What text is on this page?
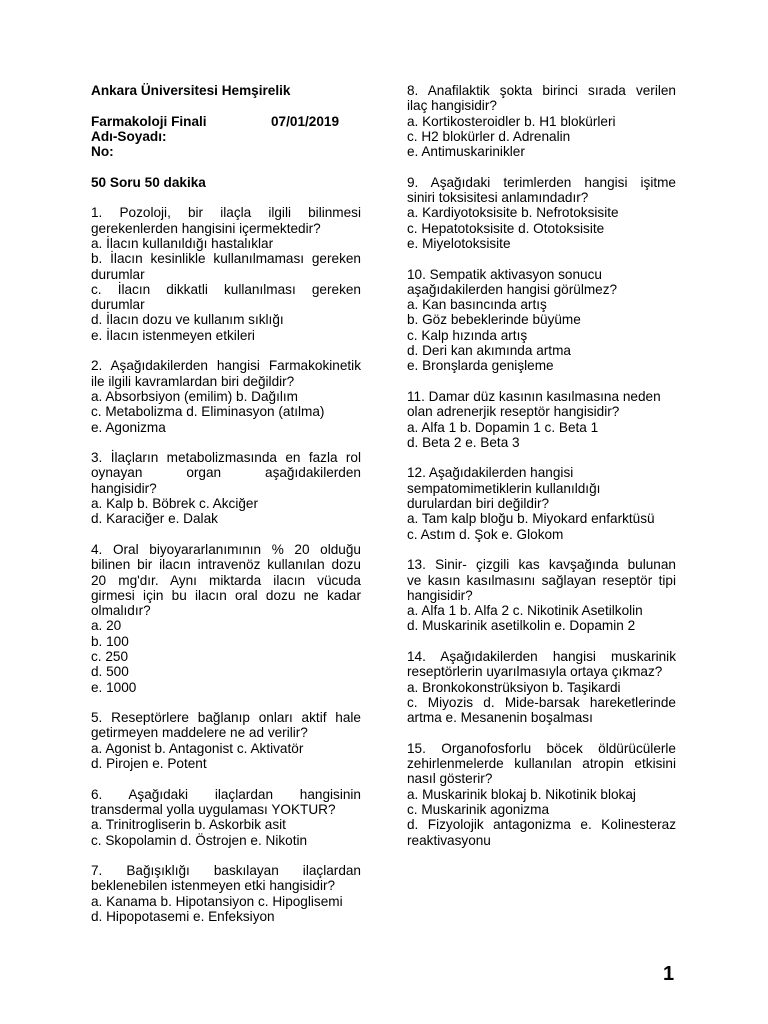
Ankara Üniversitesi Hemşirelik
Farmakoloji Finali	07/01/2019
Adı-Soyadı:
No:
50 Soru 50 dakika
1. Pozoloji, bir ilaçla ilgili bilinmesi
gerekenlerden hangisini içermektedir?
a. İlacın kullanıldığı hastalıklar
b. İlacın kesinlikle kullanılmaması gereken
durumlar
c. İlacın dikkatli kullanılması gereken
durumlar
d. İlacın dozu ve kullanım sıklığı
e. İlacın istenmeyen etkileri
2. Aşağıdakilerden hangisi Farmakokinetik
ile ilgili kavramlardan biri değildir?
a. Absorbsiyon (emilim) b. Dağılım
c. Metabolizma d. Eliminasyon (atılma)
e. Agonizma
3. İlaçların metabolizmasında en fazla rol
oynayan organ aşağıdakilerden
hangisidir?
a. Kalp b. Böbrek c. Akciğer
d. Karaciğer e. Dalak
4. Oral biyoyararlanımının % 20 olduğu
bilinen bir ilacın intravenöz kullanılan dozu
20 mg'dır. Aynı miktarda ilacın vücuda
girmesi için bu ilacın oral dozu ne kadar
olmalıdır?
a. 20
b. 100
c. 250
d. 500
e. 1000
5. Reseptörlere bağlanıp onları aktif hale
getirmeyen maddelere ne ad verilir?
a. Agonist b. Antagonist c. Aktivatör
d. Pirojen e. Potent
6. Aşağıdaki ilaçlardan hangisinin
transdermal yolla uygulaması YOKTUR?
a. Trinitrogliserin b. Askorbik asit
c. Skopolamin d. Östrojen e. Nikotin
7. Bağışıklığı baskılayan ilaçlardan
beklenebilen istenmeyen etki hangisidir?
a. Kanama b. Hipotansiyon c. Hipoglisemi
d. Hipopotasemi e. Enfeksiyon
8. Anafilaktik şokta birinci sırada verilen
ilaç hangisidir?
a. Kortikosteroidler b. H1 blokürleri
c. H2 blokürler d. Adrenalin
e. Antimuskarinikler
9. Aşağıdaki terimlerden hangisi işitme
siniri toksisitesi anlamındadır?
a. Kardiyotoksisite b. Nefrotoksisite
c. Hepatotoksisite d. Ototoksisite
e. Miyelotoksisite
10. Sempatik aktivasyon sonucu
aşağıdakilerden hangisi görülmez?
a. Kan basıncında artış
b. Göz bebeklerinde büyüme
c. Kalp hızında artış
d. Deri kan akımında artma
e. Bronşlarda genişleme
11. Damar düz kasının kasılmasına neden
olan adrenerjik reseptör hangisidir?
a. Alfa 1 b. Dopamin 1 c. Beta 1
d. Beta 2 e. Beta 3
12. Aşağıdakilerden hangisi
sempatomimetiklerin kullanıldığı
durulardan biri değildir?
a. Tam kalp bloğu b. Miyokard enfarktüsü
c. Astım d. Şok e. Glokom
13. Sinir- çizgili kas kavşağında bulunan
ve kasın kasılmasını sağlayan reseptör tipi
hangisidir?
a. Alfa 1 b. Alfa 2 c. Nikotinik Asetilkolin
d. Muskarinik asetilkolin e. Dopamin 2
14. Aşağıdakilerden hangisi muskarinik
reseptörlerin uyarılmasıyla ortaya çıkmaz?
a. Bronkokonstrüksiyon b. Taşikardi
c. Miyozis d. Mide-barsak hareketlerinde
artma e. Mesanenin boşalması
15. Organofosforlu böcek öldürücülerle
zehirlenmelerde kullanılan atropin etkisini
nasıl gösterir?
a. Muskarinik blokaj b. Nikotinik blokaj
c. Muskarinik agonizma
d. Fizyolojik antagonizma e. Kolinesteraz
reaktivasyonu
1
